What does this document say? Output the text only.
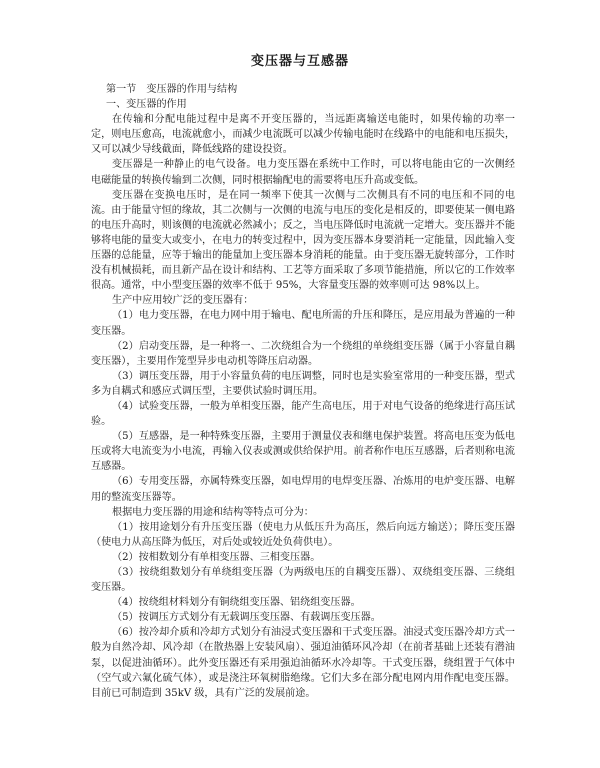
变压器与互感器

第一节　变压器的作用与结构

一、变压器的作用

在传输和分配电能过程中是离不开变压器的，当远距离输送电能时，如果传输的功率一定，则电压愈高，电流就愈小，而减少电流既可以减少传输电能时在线路中的电能和电压损失，又可以减少导线截面，降低线路的建设投资。

变压器是一种静止的电气设备。电力变压器在系统中工作时，可以将电能由它的一次侧经电磁能量的转换传输到二次侧，同时根据输配电的需要将电压升高或变低。

变压器在变换电压时，是在同一频率下使其一次侧与二次侧具有不同的电压和不同的电流。由于能量守恒的缘故，其二次侧与一次侧的电流与电压的变化是相反的，即要使某一侧电路的电压升高时，则该侧的电流就必然减小；反之，当电压降低时电流就一定增大。变压器并不能够将电能的量变大或变小，在电力的转变过程中，因为变压器本身要消耗一定能量，因此输入变压器的总能量，应等于输出的能量加上变压器本身消耗的能量。由于变压器无旋转部分，工作时没有机械损耗，而且新产品在设计和结构、工艺等方面采取了多项节能措施，所以它的工作效率很高。通常，中小型变压器的效率不低于 95%，大容量变压器的效率则可达 98%以上。

生产中应用较广泛的变压器有：

（1）电力变压器，在电力网中用于输电、配电所需的升压和降压，是应用最为普遍的一种变压器。

（2）启动变压器，是一种将一、二次绕组合为一个绕组的单绕组变压器（属于小容量自耦变压器），主要用作笼型异步电动机等降压启动器。

（3）调压变压器，用于小容量负荷的电压调整，同时也是实验室常用的一种变压器，型式多为自耦式和感应式调压型，主要供试验时调压用。

（4）试验变压器，一般为单相变压器，能产生高电压，用于对电气设备的绝缘进行高压试验。

（5）互感器，是一种特殊变压器，主要用于测量仪表和继电保护装置。将高电压变为低电压或将大电流变为小电流，再输入仪表或测或供给保护用。前者称作电压互感器，后者则称电流互感器。

（6）专用变压器，亦属特殊变压器，如电焊用的电焊变压器、冶炼用的电炉变压器、电解用的整流变压器等。

根据电力变压器的用途和结构等特点可分为：

（1）按用途划分有升压变压器（使电力从低压升为高压，然后向远方输送）；降压变压器（使电力从高压降为低压，对后处或较近处负荷供电）。

（2）按相数划分有单相变压器、三相变压器。

（3）按绕组数划分有单绕组变压器（为两级电压的自耦变压器）、双绕组变压器、三绕组变压器。

（4）按绕组材料划分有铜绕组变压器、铝绕组变压器。

（5）按调压方式划分有无载调压变压器、有载调压变压器。

（6）按冷却介质和冷却方式划分有油浸式变压器和干式变压器。油浸式变压器冷却方式一般为自然冷却、风冷却（在散热器上安装风扇）、强迫油循环风冷却（在前者基础上还装有潜油泵，以促进油循环）。此外变压器还有采用强迫油循环水冷却等。干式变压器，绕组置于气体中（空气或六氟化硫气体），或是浇注环氧树脂绝缘。它们大多在部分配电网内用作配电变压器。目前已可制造到 35kV 级，具有广泛的发展前途。
